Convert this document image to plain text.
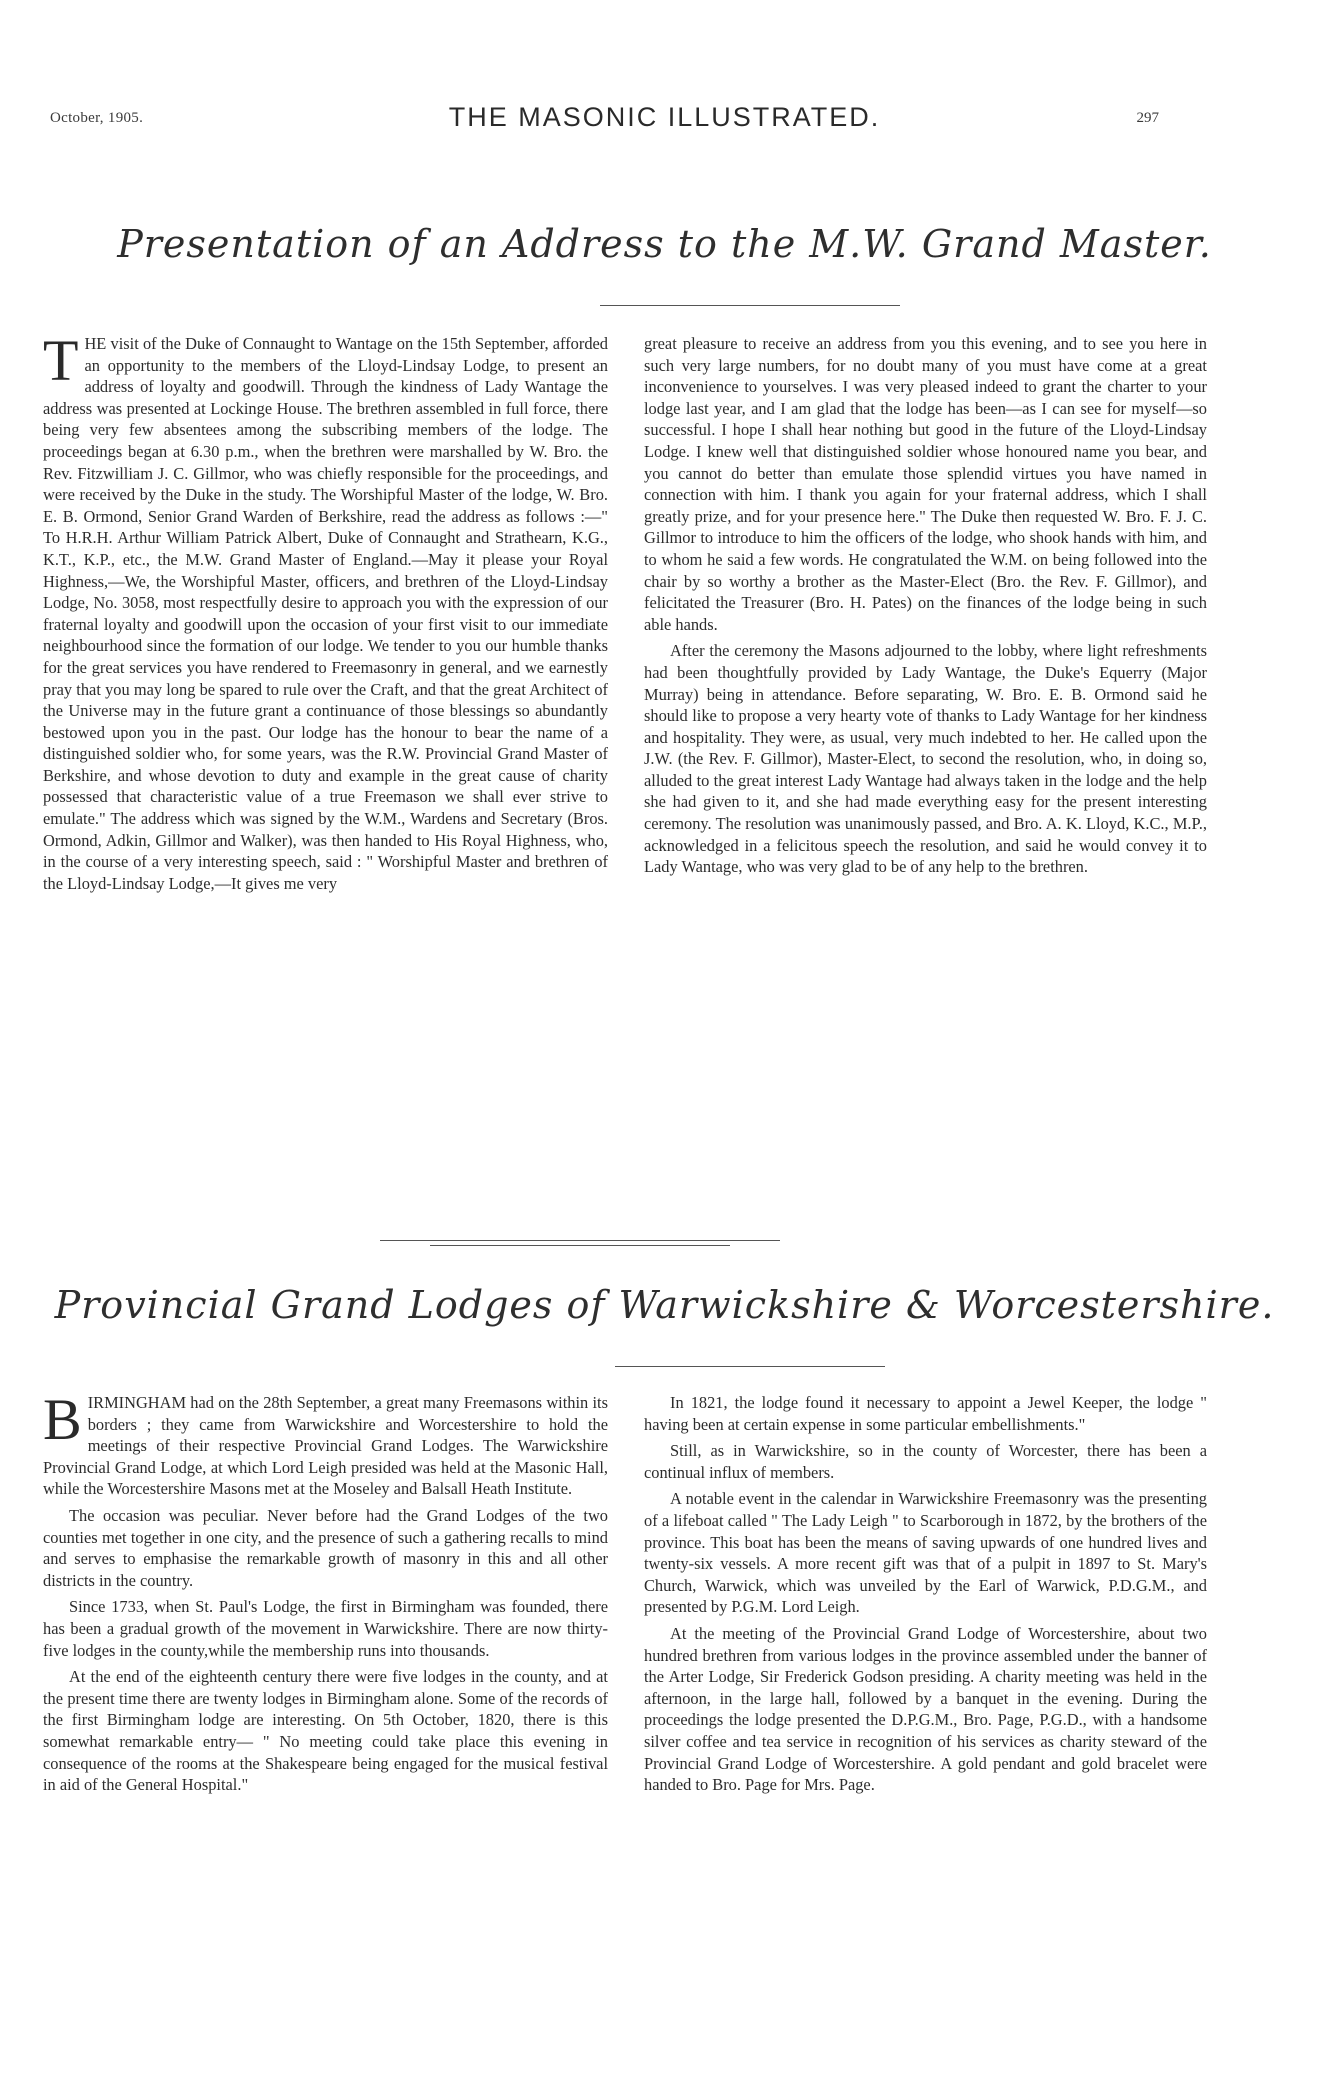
October, 1905.	THE MASONIC ILLUSTRATED.	297
Presentation of an Address to the M.W. Grand Master.

THE visit of the Duke of Connaught to Wantage on the 15th September, afforded an opportunity to the members of the Lloyd-Lindsay Lodge, to present an address of loyalty and goodwill. Through the kindness of Lady Wantage the address was presented at Lockinge House. The brethren assembled in full force, there being very few absentees among the subscribing members of the lodge. The proceedings began at 6.30 p.m., when the brethren were marshalled by W. Bro. the Rev. Fitzwilliam J. C. Gillmor, who was chiefly responsible for the proceedings, and were received by the Duke in the study. The Worshipful Master of the lodge, W. Bro. E. B. Ormond, Senior Grand Warden of Berkshire, read the address as follows :—" To H.R.H. Arthur William Patrick Albert, Duke of Connaught and Strathearn, K.G., K.T., K.P., etc., the M.W. Grand Master of England.—May it please your Royal Highness,—We, the Worshipful Master, officers, and brethren of the Lloyd-Lindsay Lodge, No. 3058, most respectfully desire to approach you with the expression of our fraternal loyalty and goodwill upon the occasion of your first visit to our immediate neighbourhood since the formation of our lodge. We tender to you our humble thanks for the great services you have rendered to Freemasonry in general, and we earnestly pray that you may long be spared to rule over the Craft, and that the great Architect of the Universe may in the future grant a continuance of those blessings so abundantly bestowed upon you in the past. Our lodge has the honour to bear the name of a distinguished soldier who, for some years, was the R.W. Provincial Grand Master of Berkshire, and whose devotion to duty and example in the great cause of charity possessed that characteristic value of a true Freemason we shall ever strive to emulate." The address which was signed by the W.M., Wardens and Secretary (Bros. Ormond, Adkin, Gillmor and Walker), was then handed to His Royal Highness, who, in the course of a very interesting speech, said : " Worshipful Master and brethren of the Lloyd-Lindsay Lodge,—It gives me very

great pleasure to receive an address from you this evening, and to see you here in such very large numbers, for no doubt many of you must have come at a great inconvenience to yourselves. I was very pleased indeed to grant the charter to your lodge last year, and I am glad that the lodge has been—as I can see for myself—so successful. I hope I shall hear nothing but good in the future of the Lloyd-Lindsay Lodge. I knew well that distinguished soldier whose honoured name you bear, and you cannot do better than emulate those splendid virtues you have named in connection with him. I thank you again for your fraternal address, which I shall greatly prize, and for your presence here." The Duke then requested W. Bro. F. J. C. Gillmor to introduce to him the officers of the lodge, who shook hands with him, and to whom he said a few words. He congratulated the W.M. on being followed into the chair by so worthy a brother as the Master-Elect (Bro. the Rev. F. Gillmor), and felicitated the Treasurer (Bro. H. Pates) on the finances of the lodge being in such able hands.

After the ceremony the Masons adjourned to the lobby, where light refreshments had been thoughtfully provided by Lady Wantage, the Duke's Equerry (Major Murray) being in attendance. Before separating, W. Bro. E. B. Ormond said he should like to propose a very hearty vote of thanks to Lady Wantage for her kindness and hospitality. They were, as usual, very much indebted to her. He called upon the J.W. (the Rev. F. Gillmor), Master-Elect, to second the resolution, who, in doing so, alluded to the great interest Lady Wantage had always taken in the lodge and the help she had given to it, and she had made everything easy for the present interesting ceremony. The resolution was unanimously passed, and Bro. A. K. Lloyd, K.C., M.P., acknowledged in a felicitous speech the resolution, and said he would convey it to Lady Wantage, who was very glad to be of any help to the brethren.

Provincial Grand Lodges of Warwickshire & Worcestershire.

BIRMINGHAM had on the 28th September, a great many Freemasons within its borders ; they came from Warwickshire and Worcestershire to hold the meetings of their respective Provincial Grand Lodges. The Warwickshire Provincial Grand Lodge, at which Lord Leigh presided was held at the Masonic Hall, while the Worcestershire Masons met at the Moseley and Balsall Heath Institute.

The occasion was peculiar. Never before had the Grand Lodges of the two counties met together in one city, and the presence of such a gathering recalls to mind and serves to emphasise the remarkable growth of masonry in this and all other districts in the country.

Since 1733, when St. Paul's Lodge, the first in Birmingham was founded, there has been a gradual growth of the movement in Warwickshire. There are now thirty-five lodges in the county,while the membership runs into thousands.

At the end of the eighteenth century there were five lodges in the county, and at the present time there are twenty lodges in Birmingham alone. Some of the records of the first Birmingham lodge are interesting. On 5th October, 1820, there is this somewhat remarkable entry— " No meeting could take place this evening in consequence of the rooms at the Shakespeare being engaged for the musical festival in aid of the General Hospital."

In 1821, the lodge found it necessary to appoint a Jewel Keeper, the lodge " having been at certain expense in some particular embellishments."

Still, as in Warwickshire, so in the county of Worcester, there has been a continual influx of members.

A notable event in the calendar in Warwickshire Freemasonry was the presenting of a lifeboat called " The Lady Leigh " to Scarborough in 1872, by the brothers of the province. This boat has been the means of saving upwards of one hundred lives and twenty-six vessels. A more recent gift was that of a pulpit in 1897 to St. Mary's Church, Warwick, which was unveiled by the Earl of Warwick, P.D.G.M., and presented by P.G.M. Lord Leigh.

At the meeting of the Provincial Grand Lodge of Worcestershire, about two hundred brethren from various lodges in the province assembled under the banner of the Arter Lodge, Sir Frederick Godson presiding. A charity meeting was held in the afternoon, in the large hall, followed by a banquet in the evening. During the proceedings the lodge presented the D.P.G.M., Bro. Page, P.G.D., with a handsome silver coffee and tea service in recognition of his services as charity steward of the Provincial Grand Lodge of Worcestershire. A gold pendant and gold bracelet were handed to Bro. Page for Mrs. Page.
